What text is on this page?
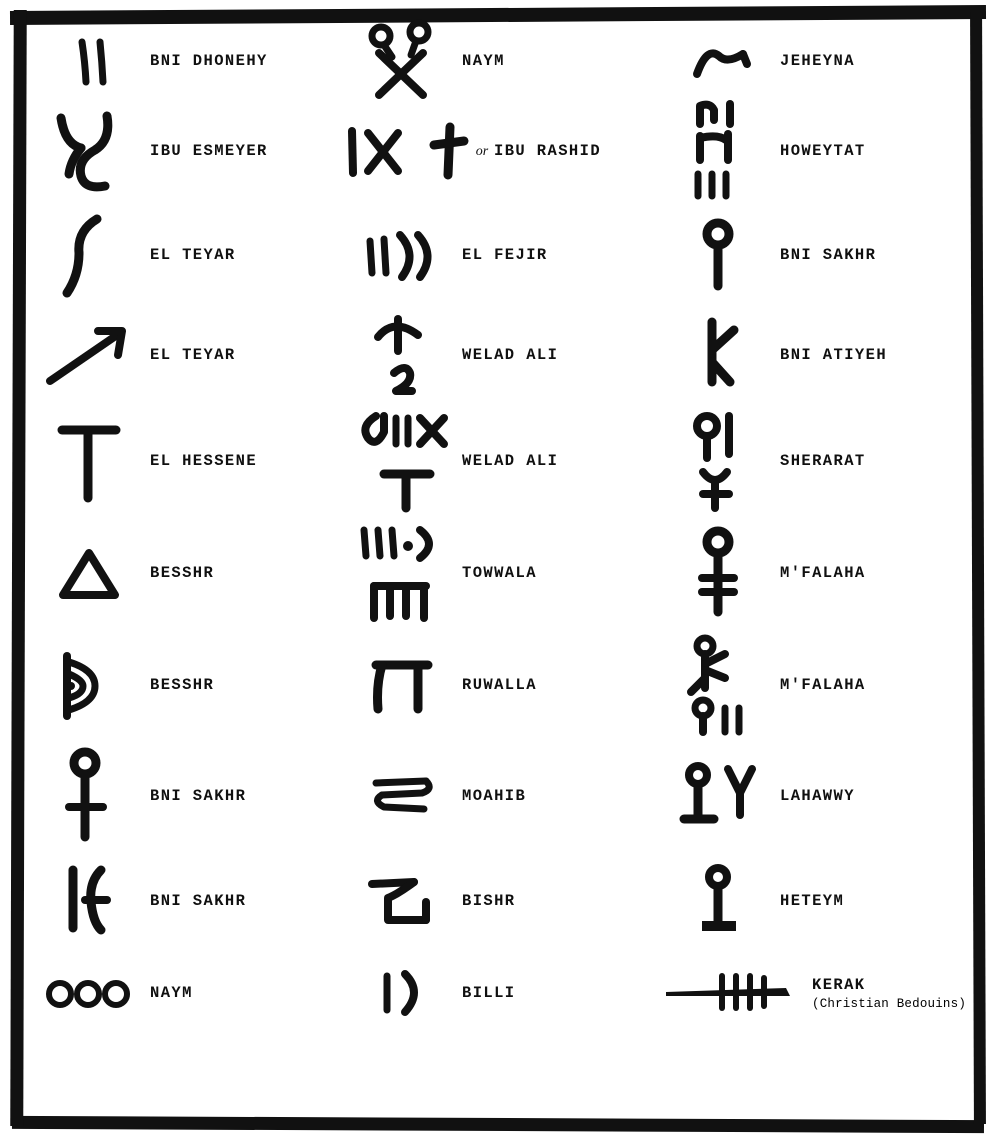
BNI DHONEHY	NAYM	JEHEYNA
IBU ESMEYER	or IBU RASHID	HOWEYTAT
EL TEYAR	EL FEJIR	BNI SAKHR
EL TEYAR	WELAD ALI	BNI ATIYEH
EL HESSENE	WELAD ALI	SHERARAT
BESSHR	TOWWALA	M'FALAHA
BESSHR	RUWALLA	M'FALAHA
BNI SAKHR	MOAHIB	LAHAWWY
BNI SAKHR	BISHR	HETEYM
NAYM	BILLI	KERAK
(Christian Bedouins)
